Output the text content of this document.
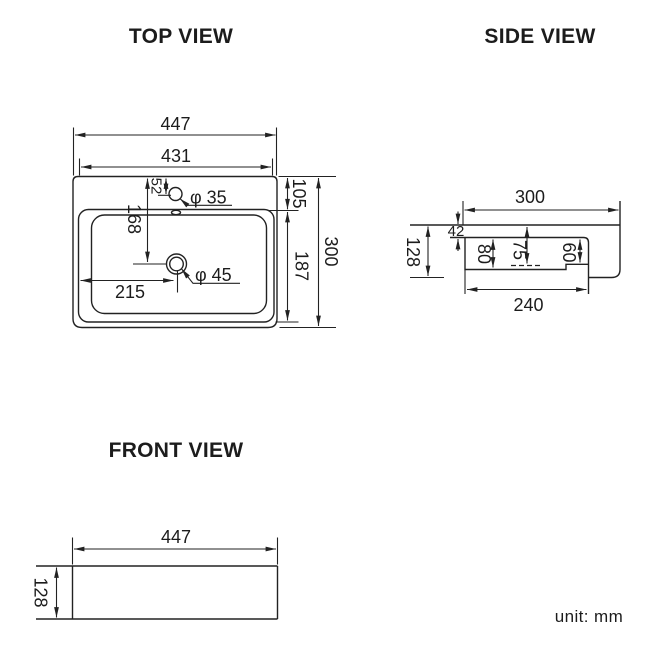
TOP VIEW
447
431
52
168
215
φ 35
φ 45
105
187 300
SIDE VIEW
300
42
128	80 75 60
240
FRONT VIEW
447
128
unit: mm
